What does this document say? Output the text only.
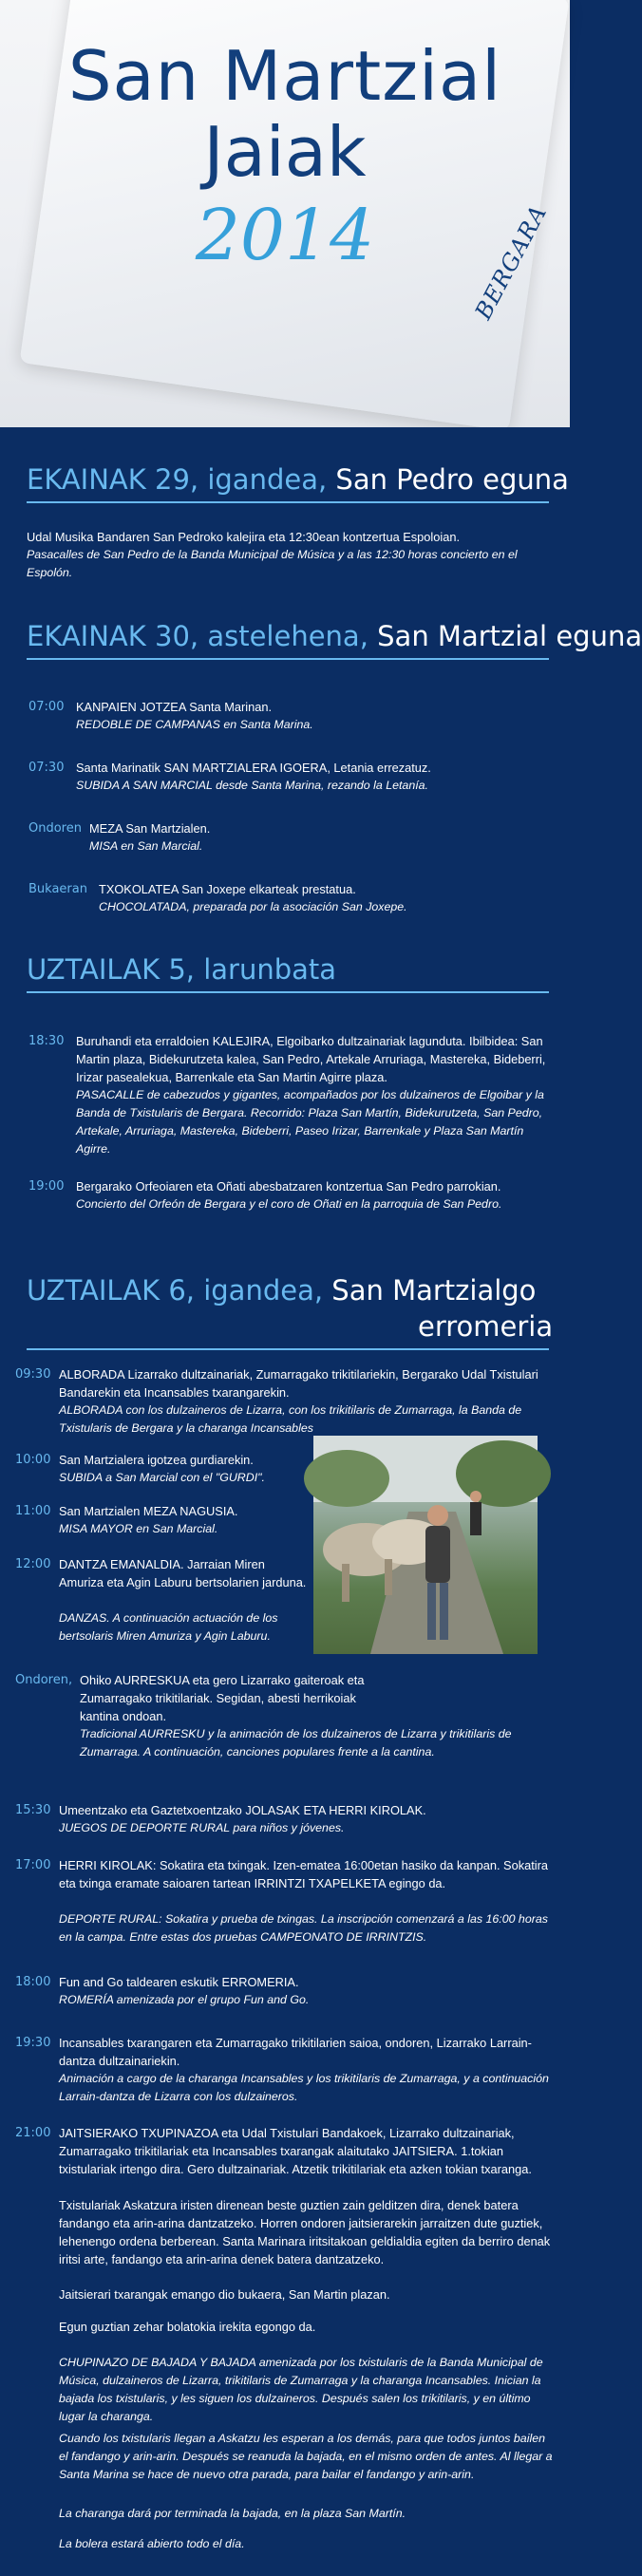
San Martzial
Jaiak
2014	BERGARA
EKAINAK 29, igandea, San Pedro eguna
Udal Musika Bandaren San Pedroko kalejira eta 12:30ean kontzertua Espoloian.
Pasacalles de San Pedro de la Banda Municipal de Música y a las 12:30 horas concierto en el Espolón.
EKAINAK 30, astelehena, San Martzial eguna
07:00 KANPAIEN JOTZEA Santa Marinan.
REDOBLE DE CAMPANAS en Santa Marina.
07:30 Santa Marinatik SAN MARTZIALERA IGOERA, Letania errezatuz.
SUBIDA A SAN MARCIAL desde Santa Marina, rezando la Letanía.
Ondoren MEZA San Martzialen.
MISA en San Marcial.
Bukaeran TXOKOLATEA San Joxepe elkarteak prestatua.
CHOCOLATADA, preparada por la asociación San Joxepe.
UZTAILAK 5, larunbata
18:30 Buruhandi eta erraldoien KALEJIRA, Elgoibarko dultzainariak lagunduta. Ibilbidea: San Martin plaza, Bidekurutzeta kalea, San Pedro, Artekale Arruriaga, Mastereka, Bideberri, Irizar pasealekua, Barrenkale eta San Martin Agirre plaza.
PASACALLE de cabezudos y gigantes, acompañados por los dulzaineros de Elgoibar y la Banda de Txistularis de Bergara. Recorrido: Plaza San Martín, Bidekurutzeta, San Pedro, Artekale, Arruriaga, Mastereka, Bideberri, Paseo Irizar, Barrenkale y Plaza San Martín Agirre.
19:00 Bergarako Orfeoiaren eta Oñati abesbatzaren kontzertua San Pedro parrokian.
Concierto del Orfeón de Bergara y el coro de Oñati en la parroquia de San Pedro.
UZTAILAK 6, igandea, San Martzialgo
erromeria
09:30 ALBORADA Lizarrako dultzainariak, Zumarragako trikitilariekin, Bergarako Udal Txistulari Bandarekin eta Incansables txarangarekin.
ALBORADA con los dulzaineros de Lizarra, con los trikitilaris de Zumarraga, la Banda de Txistularis de Bergara y la charanga Incansables
10:00 San Martzialera igotzea gurdiarekin.
SUBIDA a San Marcial con el "GURDI".
11:00 San Martzialen MEZA NAGUSIA.
MISA MAYOR en San Marcial.
12:00 DANTZA EMANALDIA. Jarraian Miren Amuriza eta Agin Laburu bertsolarien jarduna.
DANZAS. A continuación actuación de los bertsolaris Miren Amuriza y Agin Laburu.
Ondoren, Ohiko AURRESKUA eta gero Lizarrako gaiteroak eta Zumarragako trikitilariak. Segidan, abesti herrikoiak kantina ondoan.
Tradicional AURRESKU y la animación de los dulzaineros de Lizarra y trikitilaris de Zumarraga. A continuación, canciones populares frente a la cantina.
15:30 Umeentzako eta Gaztetxoentzako JOLASAK ETA HERRI KIROLAK.
JUEGOS DE DEPORTE RURAL para niños y jóvenes.
17:00 HERRI KIROLAK: Sokatira eta txingak. Izen-ematea 16:00etan hasiko da kanpan. Sokatira eta txinga eramate saioaren tartean IRRINTZI TXAPELKETA egingo da.
DEPORTE RURAL: Sokatira y prueba de txingas. La inscripción comenzará a las 16:00 horas en la campa. Entre estas dos pruebas CAMPEONATO DE IRRINTZIS.
18:00 Fun and Go taldearen eskutik ERROMERIA.
ROMERÍA amenizada por el grupo Fun and Go.
19:30 Incansables txarangaren eta Zumarragako trikitilarien saioa, ondoren, Lizarrako Larrain-dantza dultzainariekin.
Animación a cargo de la charanga Incansables y los trikitilaris de Zumarraga, y a continuación Larrain-dantza de Lizarra con los dulzaineros.
21:00 JAITSIERAKO TXUPINAZOA eta Udal Txistulari Bandakoek, Lizarrako dultzainariak, Zumarragako trikitilariak eta Incansables txarangak alaitutako JAITSIERA. 1.tokian txistulariak irtengo dira. Gero dultzainariak. Atzetik trikitilariak eta azken tokian txaranga.
Txistulariak Askatzura iristen direnean beste guztien zain gelditzen dira, denek batera fandango eta arin-arina dantzatzeko. Horren ondoren jaitsierarekin jarraitzen dute guztiek, lehenengo ordena berberean. Santa Marinara iritsitakoan geldialdia egiten da berriro denak iritsi arte, fandango eta arin-arina denek batera dantzatzeko.
Jaitsierari txarangak emango dio bukaera, San Martin plazan.
Egun guztian zehar bolatokia irekita egongo da.
CHUPINAZO DE BAJADA Y BAJADA amenizada por los txistularis de la Banda Municipal de Música, dulzaineros de Lizarra, trikitilaris de Zumarraga y la charanga Incansables. Inician la bajada los txistularis, y les siguen los dulzaineros. Después salen los trikitilaris, y en último lugar la charanga.
Cuando los txistularis llegan a Askatzu les esperan a los demás, para que todos juntos bailen el fandango y arin-arin. Después se reanuda la bajada, en el mismo orden de antes. Al llegar a Santa Marina se hace de nuevo otra parada, para bailar el fandango y arin-arin.
La charanga dará por terminada la bajada, en la plaza San Martín.
La bolera estará abierto todo el día.
